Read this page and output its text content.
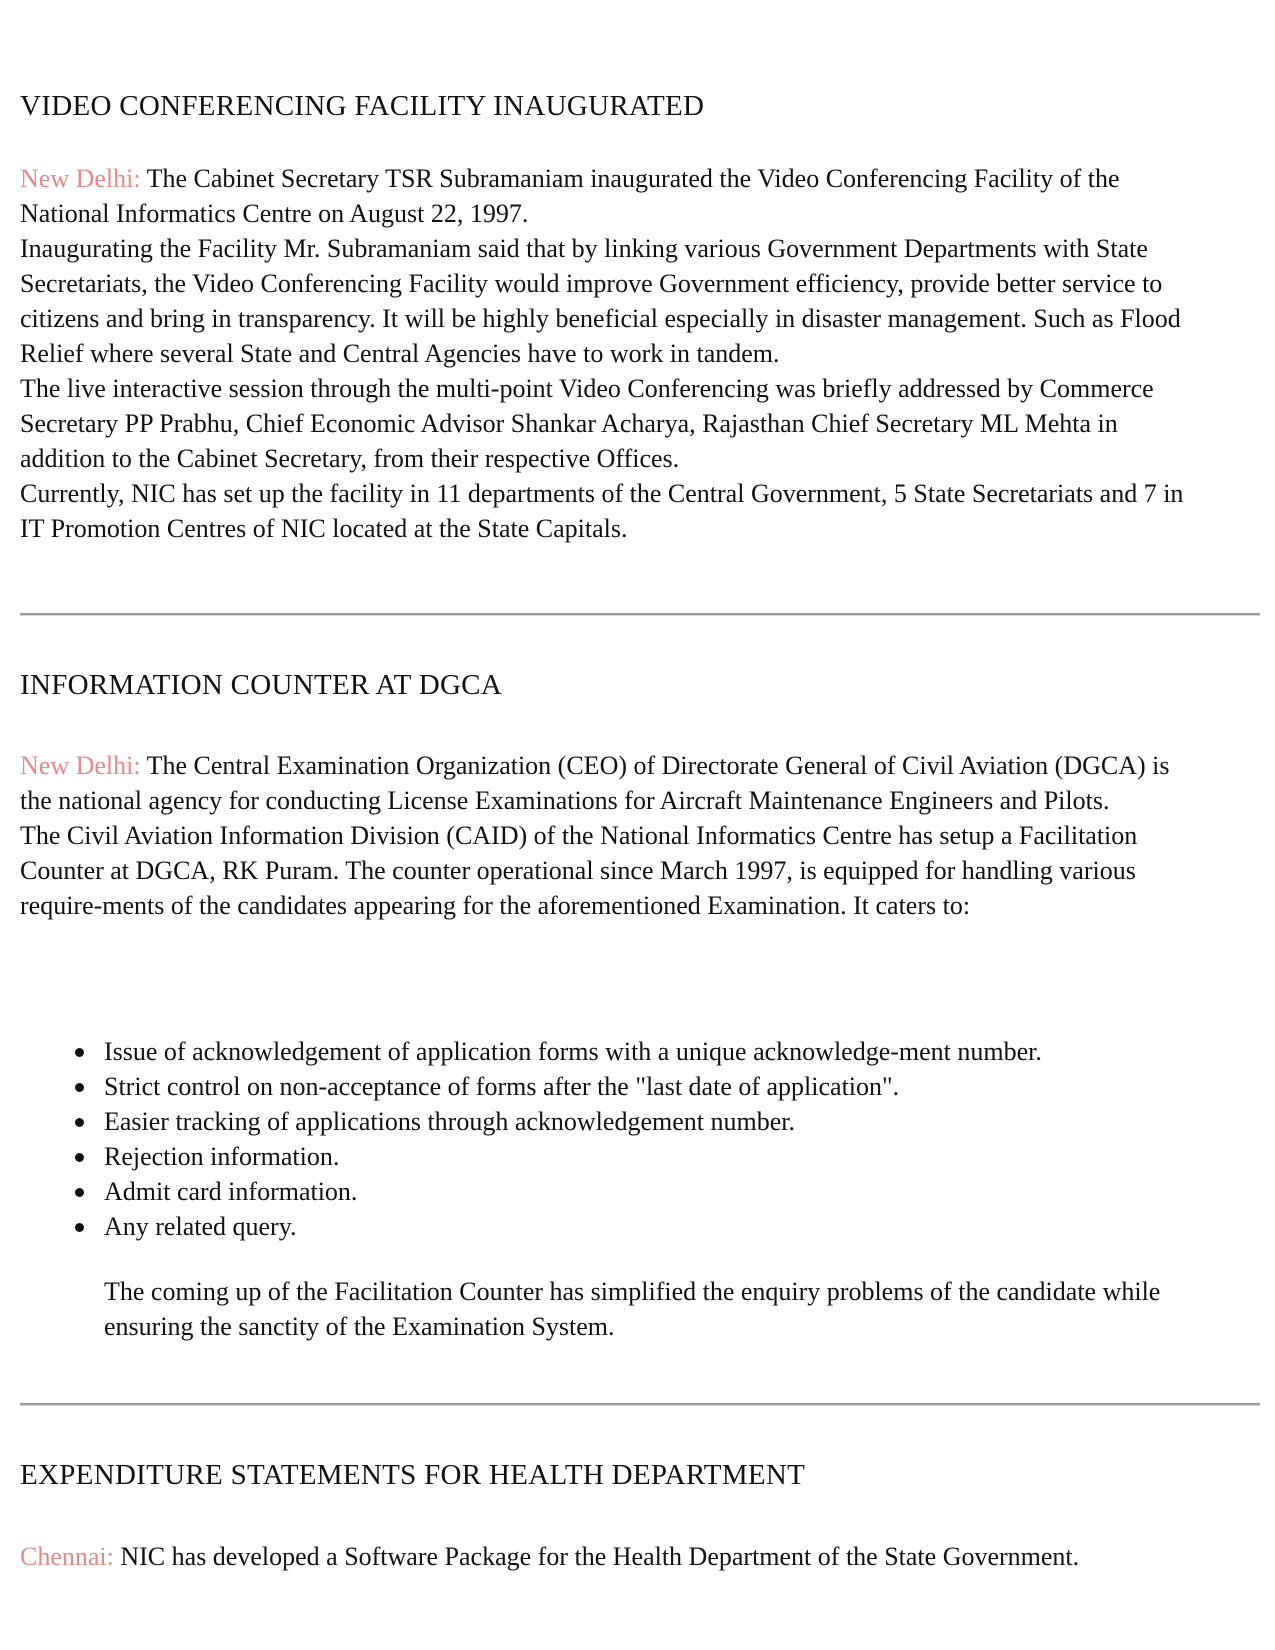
VIDEO CONFERENCING FACILITY INAUGURATED

New Delhi: The Cabinet Secretary TSR Subramaniam inaugurated the Video Conferencing Facility of the National Informatics Centre on August 22, 1997.

Inaugurating the Facility Mr. Subramaniam said that by linking various Government Departments with State Secretariats, the Video Conferencing Facility would improve Government efficiency, provide better service to citizens and bring in transparency. It will be highly beneficial especially in disaster management. Such as Flood Relief where several State and Central Agencies have to work in tandem.

The live interactive session through the multi-point Video Conferencing was briefly addressed by Commerce Secretary PP Prabhu, Chief Economic Advisor Shankar Acharya, Rajasthan Chief Secretary ML Mehta in addition to the Cabinet Secretary, from their respective Offices.

Currently, NIC has set up the facility in 11 departments of the Central Government, 5 State Secretariats and 7 in IT Promotion Centres of NIC located at the State Capitals.

INFORMATION COUNTER AT DGCA

New Delhi: The Central Examination Organization (CEO) of Directorate General of Civil Aviation (DGCA) is the national agency for conducting License Examinations for Aircraft Maintenance Engineers and Pilots.

The Civil Aviation Information Division (CAID) of the National Informatics Centre has setup a Facilitation Counter at DGCA, RK Puram. The counter operational since March 1997, is equipped for handling various require-ments of the candidates appearing for the aforementioned Examination. It caters to:

Issue of acknowledgement of application forms with a unique acknowledge-ment number.
Strict control on non-acceptance of forms after the "last date of application".
Easier tracking of applications through acknowledgement number.
Rejection information.
Admit card information.
Any related query.

The coming up of the Facilitation Counter has simplified the enquiry problems of the candidate while ensuring the sanctity of the Examination System.

EXPENDITURE STATEMENTS FOR HEALTH DEPARTMENT

Chennai: NIC has developed a Software Package for the Health Department of the State Government.
